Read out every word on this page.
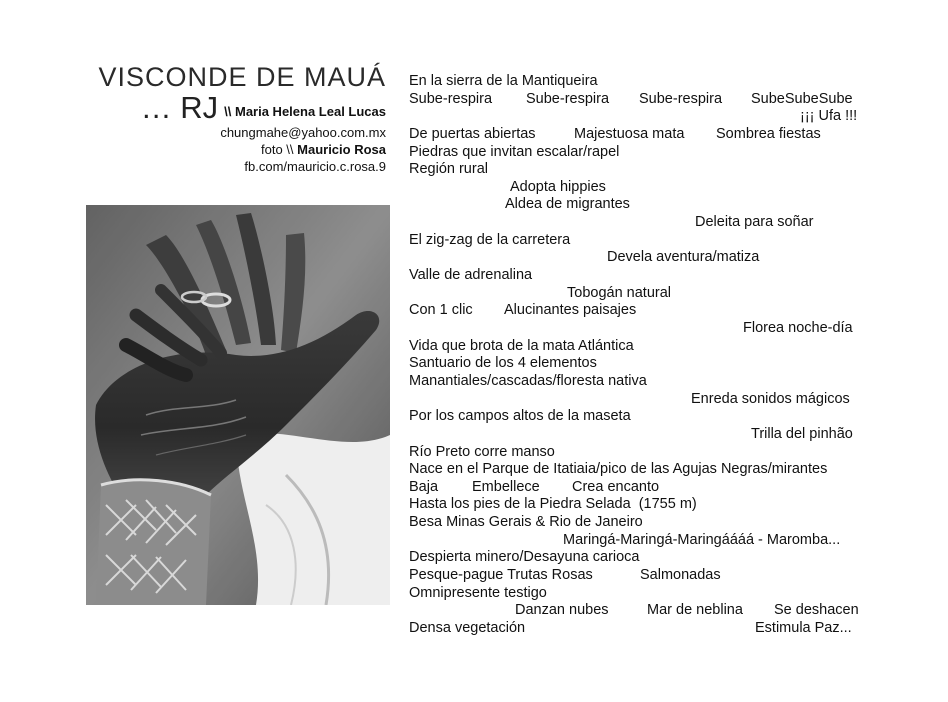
VISCONDE DE MAUÁ
… RJ \\ Maria Helena Leal Lucas
chungmahe@yahoo.com.mx
foto \\ Mauricio Rosa
fb.com/mauricio.c.rosa.9
En la sierra de la Mantiqueira
Sube-respira Sube-respira Sube-respira SubeSubeSube
¡¡¡ Ufa !!!
De puertas abiertas	Majestuosa mata Sombrea fiestas
Piedras que invitan escalar/rapel
Región rural
Adopta hippies
Aldea de migrantes
Deleita para soñar
El zig-zag de la carretera
Devela aventura/matiza
Valle de adrenalina
Tobogán natural
Con 1 clic Alucinantes paisajes
Florea noche-día
Vida que brota de la mata Atlántica
Santuario de los 4 elementos
Manantiales/cascadas/floresta nativa
Enreda sonidos mágicos
Por los campos altos de la maseta
Trilla del pinhão
Río Preto corre manso
Nace en el Parque de Itatiaia/pico de las Agujas Negras/mirantes
Baja Embellece Crea encanto
Hasta los pies de la Piedra Selada  (1755 m)
Besa Minas Gerais & Rio de Janeiro
Maringá-Maringá-Maringáááá - Maromba...
Despierta minero/Desayuna carioca
Pesque-pague Trutas Rosas	Salmonadas
Omnipresente testigo
Danzan nubes	Mar de neblina Se deshacen
Densa vegetación	Estimula Paz...
